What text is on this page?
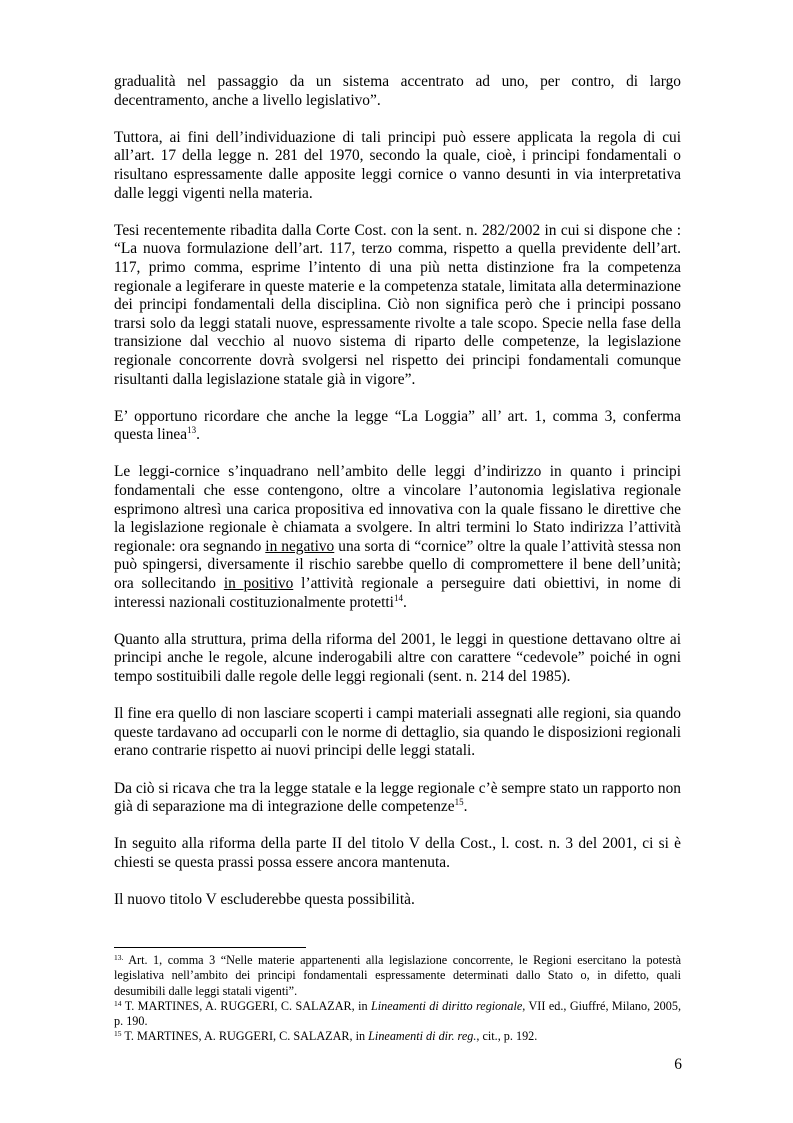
gradualità nel passaggio da un sistema accentrato ad uno, per contro, di largo decentramento, anche a livello legislativo”.

Tuttora, ai fini dell’individuazione di tali principi può essere applicata la regola di cui all’art. 17 della legge n. 281 del 1970, secondo la quale, cioè, i principi fondamentali o risultano espressamente dalle apposite leggi cornice o vanno desunti in via interpretativa dalle leggi vigenti nella materia.

Tesi recentemente ribadita dalla Corte Cost. con la sent. n. 282/2002 in cui si dispone che : “La nuova formulazione dell’art. 117, terzo comma, rispetto a quella previdente dell’art. 117, primo comma, esprime l’intento di una più netta distinzione fra la competenza regionale a legiferare in queste materie e la competenza statale, limitata alla determinazione dei principi fondamentali della disciplina. Ciò non significa però che i principi possano trarsi solo da leggi statali nuove, espressamente rivolte a tale scopo. Specie nella fase della transizione dal vecchio al nuovo sistema di riparto delle competenze, la legislazione regionale concorrente dovrà svolgersi nel rispetto dei principi fondamentali comunque risultanti dalla legislazione statale già in vigore”.

E’ opportuno ricordare che anche la legge “La Loggia” all’ art. 1, comma 3, conferma questa linea$^{13}$.

Le leggi-cornice s’inquadrano nell’ambito delle leggi d’indirizzo in quanto i principi fondamentali che esse contengono, oltre a vincolare l’autonomia legislativa regionale esprimono altresì una carica propositiva ed innovativa con la quale fissano le direttive che la legislazione regionale è chiamata a svolgere. In altri termini lo Stato indirizza l’attività regionale: ora segnando in negativo una sorta di “cornice” oltre la quale l’attività stessa non può spingersi, diversamente il rischio sarebbe quello di compromettere il bene dell’unità; ora sollecitando in positivo l’attività regionale a perseguire dati obiettivi, in nome di interessi nazionali costituzionalmente protetti$^{14}$.

Quanto alla struttura, prima della riforma del 2001, le leggi in questione dettavano oltre ai principi anche le regole, alcune inderogabili altre con carattere “cedevole” poiché in ogni tempo sostituibili dalle regole delle leggi regionali (sent. n. 214 del 1985).

Il fine era quello di non lasciare scoperti i campi materiali assegnati alle regioni, sia quando queste tardavano ad occuparli con le norme di dettaglio, sia quando le disposizioni regionali erano contrarie rispetto ai nuovi principi delle leggi statali.

Da ciò si ricava che tra la legge statale e la legge regionale c’è sempre stato un rapporto non già di separazione ma di integrazione delle competenze$^{15}$.

In seguito alla riforma della parte II del titolo V della Cost., l. cost. n. 3 del 2001, ci si è chiesti se questa prassi possa essere ancora mantenuta.

Il nuovo titolo V escluderebbe questa possibilità.

$^{13.}$ Art. 1, comma 3 “Nelle materie appartenenti alla legislazione concorrente, le Regioni esercitano la potestà legislativa nell’ambito dei principi fondamentali espressamente determinati dallo Stato o, in difetto, quali desumibili dalle leggi statali vigenti”.

$^{14}$ T. MARTINES, A. RUGGERI, C. SALAZAR, in Lineamenti di diritto regionale, VII ed., Giuffré, Milano, 2005, p. 190.

$^{15}$ T. MARTINES, A. RUGGERI, C. SALAZAR, in Lineamenti di dir. reg., cit., p. 192.

6
